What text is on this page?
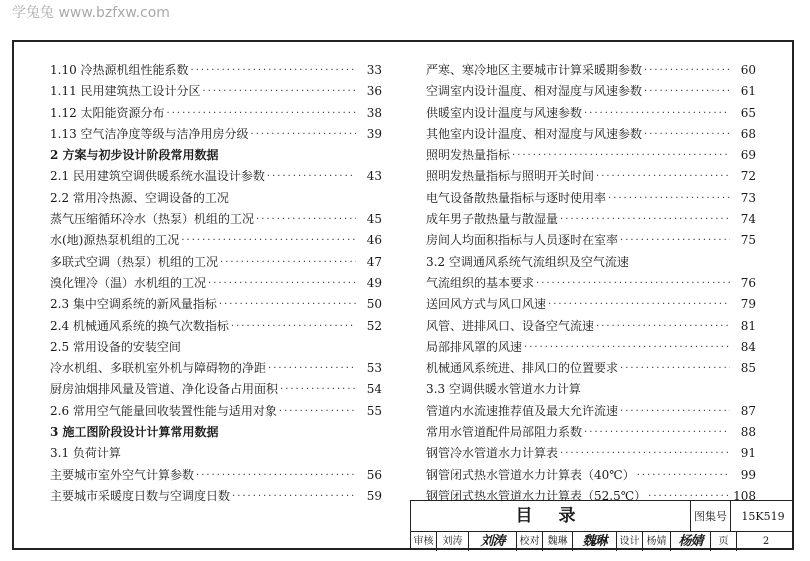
学兔兔 www.bzfxw.com
1.10 冷热源机组性能系数 ·····	33
1.11 民用建筑热工设计分区 ·····	36
1.12 太阳能资源分布 ·····	38
1.13 空气洁净度等级与洁净用房分级 ·····	39
2 方案与初步设计阶段常用数据
2.1 民用建筑空调供暖系统水温设计参数 ·····	43
2.2 常用冷热源、空调设备的工况
蒸气压缩循环冷水（热泵）机组的工况 ·····	45
水(地)源热泵机组的工况 ·····	46
多联式空调（热泵）机组的工况 ·····	47
溴化锂冷（温）水机组的工况 ·····	49
2.3 集中空调系统的新风量指标 ·····	50
2.4 机械通风系统的换气次数指标 ·····	52
2.5 常用设备的安装空间
冷水机组、多联机室外机与障碍物的净距 ·····	53
厨房油烟排风量及管道、净化设备占用面积 ·····	54
2.6 常用空气能量回收装置性能与适用对象 ·····	55
3 施工图阶段设计计算常用数据
3.1 负荷计算
主要城市室外空气计算参数 ·····	56
主要城市采暖度日数与空调度日数 ·····	59
严寒、寒冷地区主要城市计算采暖期参数 ·····	60
空调室内设计温度、相对湿度与风速参数 ·····	61
供暖室内设计温度与风速参数 ·····	65
其他室内设计温度、相对湿度与风速参数 ·····	68
照明发热量指标 ·····	69
照明发热量指标与照明开关时间 ·····	72
电气设备散热量指标与逐时使用率 ·····	73
成年男子散热量与散湿量 ·····	74
房间人均面积指标与人员逐时在室率 ·····	75
3.2 空调通风系统气流组织及空气流速
气流组织的基本要求 ·····	76
送回风方式与风口风速 ·····	79
风管、进排风口、设备空气流速 ·····	81
局部排风罩的风速 ·····	84
机械通风系统进、排风口的位置要求 ·····	85
3.3 空调供暖水管道水力计算
管道内水流速推荐值及最大允许流速 ·····	87
常用水管道配件局部阻力系数 ·····	88
钢管冷水管道水力计算表 ·····	91
钢管闭式热水管道水力计算表（40℃） ·····	99
钢管闭式热水管道水力计算表（52.5℃） ·····	108
目 录	图集号	15K519
审核 刘涛	刘涛	校对 魏琳	魏琳	设计 杨婧 杨婧	页	2
